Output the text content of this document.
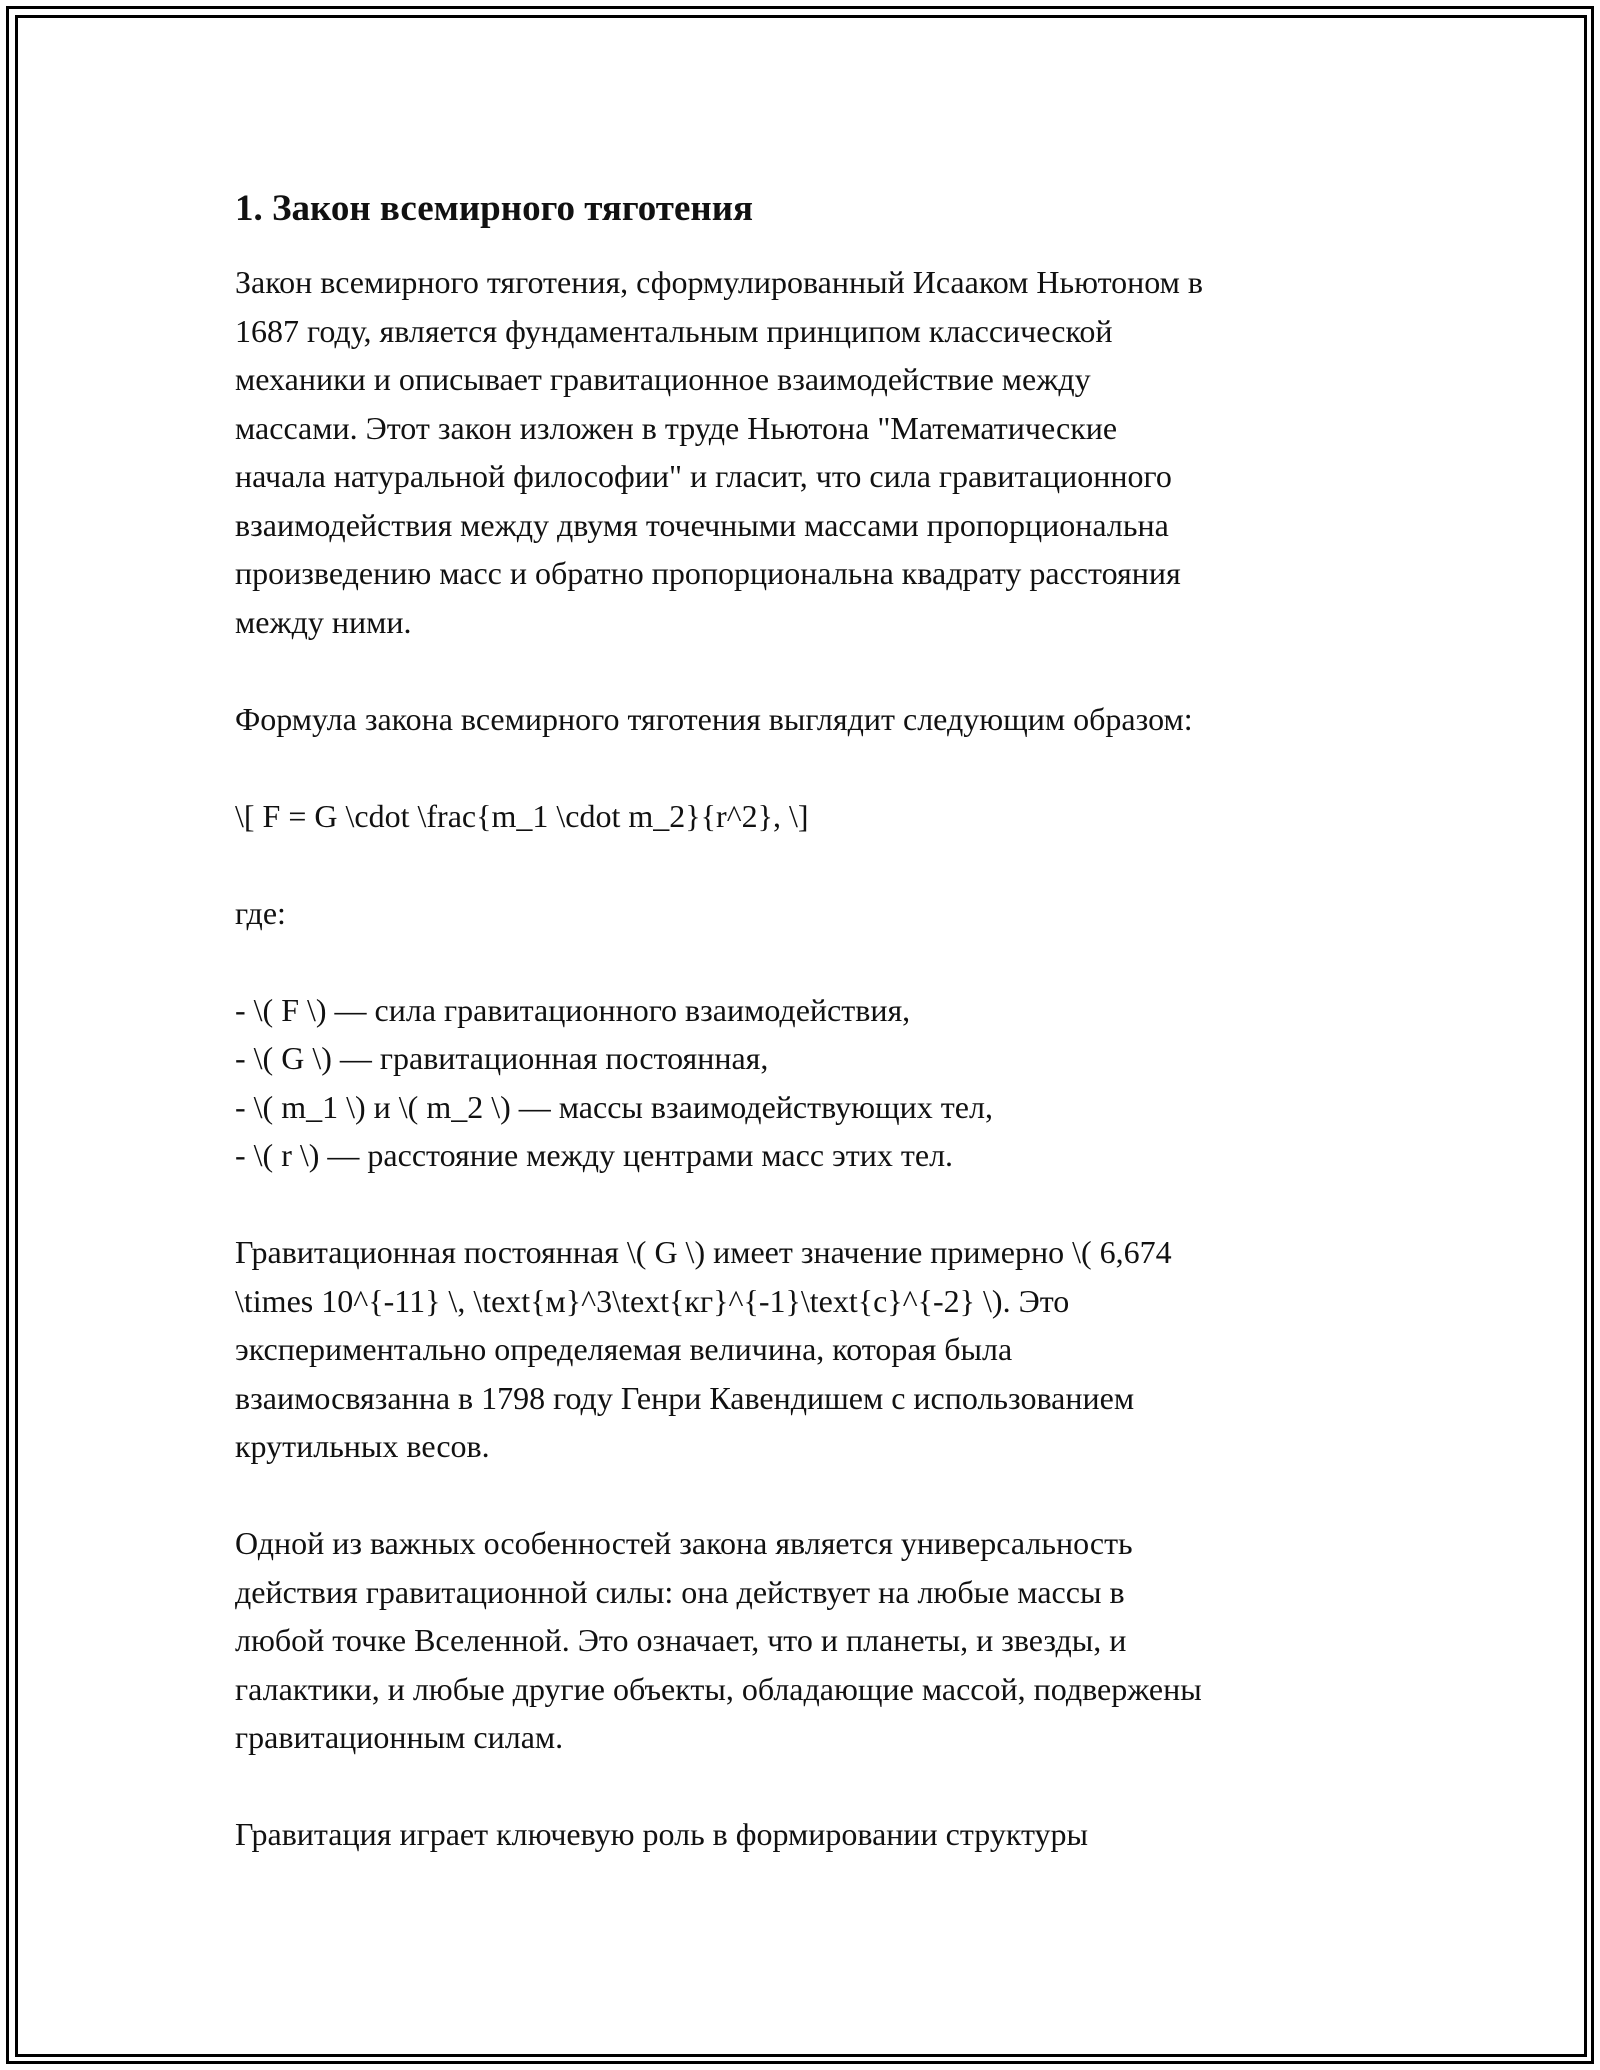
1. Закон всемирного тяготения

Закон всемирного тяготения, сформулированный Исааком Ньютоном в
1687 году, является фундаментальным принципом классической
механики и описывает гравитационное взаимодействие между
массами. Этот закон изложен в труде Ньютона "Математические
начала натуральной философии" и гласит, что сила гравитационного
взаимодействия между двумя точечными массами пропорциональна
произведению масс и обратно пропорциональна квадрату расстояния
между ними.

Формула закона всемирного тяготения выглядит следующим образом:

\[ F = G \cdot \frac{m_1 \cdot m_2}{r^2}, \]

где:

- \( F \) — сила гравитационного взаимодействия,
- \( G \) — гравитационная постоянная,
- \( m_1 \) и \( m_2 \) — массы взаимодействующих тел,
- \( r \) — расстояние между центрами масс этих тел.

Гравитационная постоянная \( G \) имеет значение примерно \( 6,674
\times 10^{-11} \, \text{м}^3\text{кг}^{-1}\text{с}^{-2} \). Это
экспериментально определяемая величина, которая была
взаимосвязанна в 1798 году Генри Кавендишем с использованием
крутильных весов.

Одной из важных особенностей закона является универсальность
действия гравитационной силы: она действует на любые массы в
любой точке Вселенной. Это означает, что и планеты, и звезды, и
галактики, и любые другие объекты, обладающие массой, подвержены
гравитационным силам.

Гравитация играет ключевую роль в формировании структуры
